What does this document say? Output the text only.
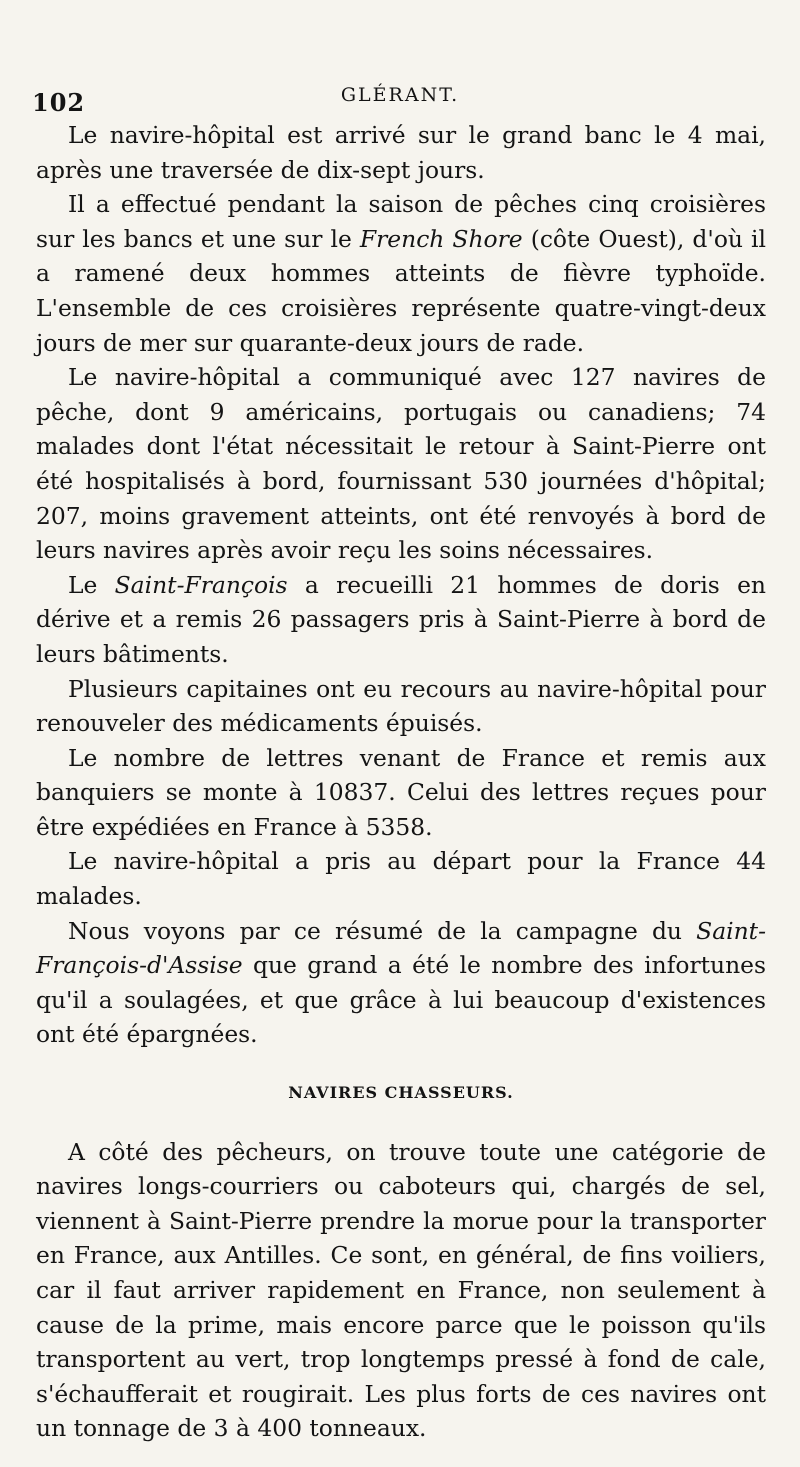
102	GLÉRANT.

Le navire-hôpital est arrivé sur le grand banc le 4 mai, après une traversée de dix-sept jours.

Il a effectué pendant la saison de pêches cinq croisières sur les bancs et une sur le French Shore (côte Ouest), d'où il a ramené deux hommes atteints de fièvre typhoïde. L'ensemble de ces croisières représente quatre-vingt-deux jours de mer sur quarante-deux jours de rade.

Le navire-hôpital a communiqué avec 127 navires de pêche, dont 9 américains, portugais ou canadiens; 74 malades dont l'état nécessitait le retour à Saint-Pierre ont été hospitalisés à bord, fournissant 530 journées d'hôpital; 207, moins gravement atteints, ont été renvoyés à bord de leurs navires après avoir reçu les soins nécessaires.

Le Saint-François a recueilli 21 hommes de doris en dérive et a remis 26 passagers pris à Saint-Pierre à bord de leurs bâtiments.

Plusieurs capitaines ont eu recours au navire-hôpital pour renouveler des médicaments épuisés.

Le nombre de lettres venant de France et remis aux banquiers se monte à 10837. Celui des lettres reçues pour être expédiées en France à 5358.

Le navire-hôpital a pris au départ pour la France 44 malades.

Nous voyons par ce résumé de la campagne du Saint-François-d'Assise que grand a été le nombre des infortunes qu'il a soulagées, et que grâce à lui beaucoup d'existences ont été épargnées.

NAVIRES CHASSEURS.

A côté des pêcheurs, on trouve toute une catégorie de navires longs-courriers ou caboteurs qui, chargés de sel, viennent à Saint-Pierre prendre la morue pour la transporter en France, aux Antilles. Ce sont, en général, de fins voiliers, car il faut arriver rapidement en France, non seulement à cause de la prime, mais encore parce que le poisson qu'ils transportent au vert, trop longtemps pressé à fond de cale, s'échaufferait et rougirait. Les plus forts de ces navires ont un tonnage de 3 à 400 tonneaux.
